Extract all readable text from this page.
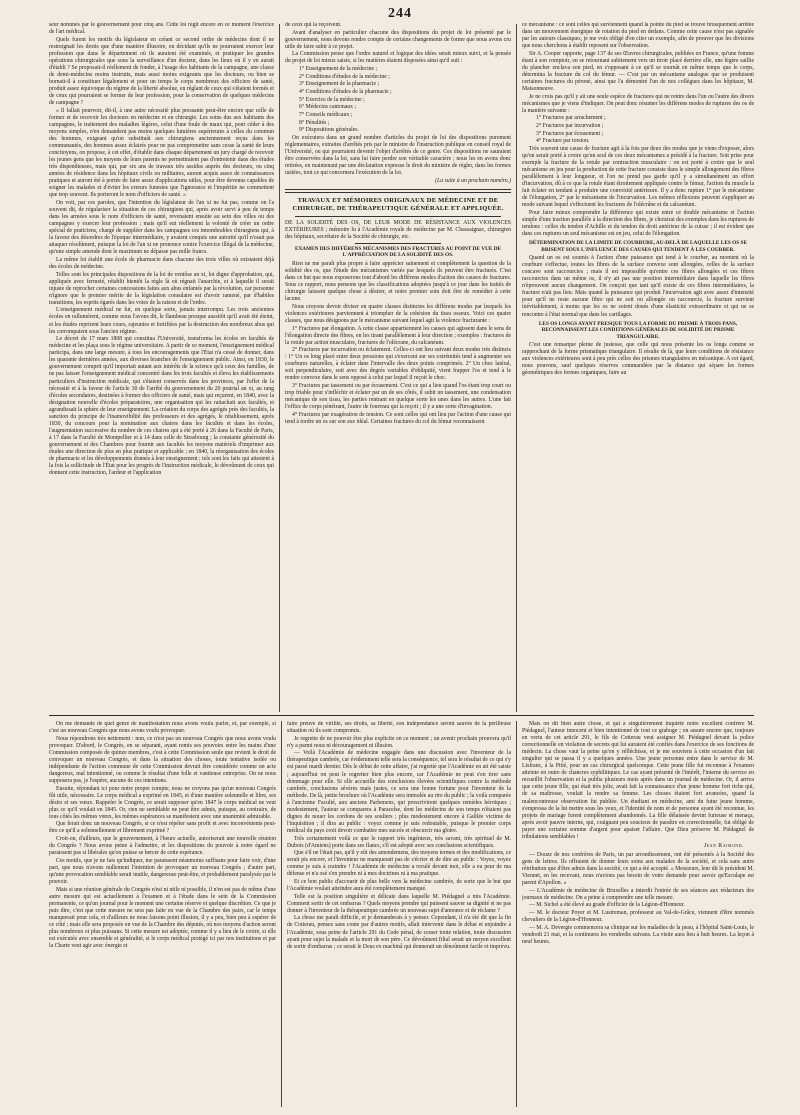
244

seur nommés par le gouvernement pour cinq ans. Cette loi régit encore en ce moment l'exercice de l'art médical.

Quels furent les motifs du législateur en créant ce second ordre de médecins dont il ne restreignait les droits que d'une manière illusoire, en décidant qu'ils ne pourraient exercer leur profession que dans le département où ils auraient été examinés, et pratiquer les grandes opérations chirurgicales que sous la surveillance d'un docteur, dans les lieux où il y en aurait d'établi ? Se proposait-il réellement de fonder, à l'usage des habitants de la campagne, une classe de demi-médecins moins instruits, mais aussi moins exigeants que les docteurs, ou bien se bornait-il à constituer légalement et pour un temps le corps nombreux des officiers de santé, produit assez équivoque du régime de la liberté absolue, en réglant de ceux qui s'étaient formés et de ceux qui pourraient se former de leur profession, pour la conservation de quelques médecins de campagne ?

« Il fallait pourvoir, dit-il, à une autre nécessité plus pressante peut-être encore que celle de former et de recevoir les docteurs en médecine et en chirurgie. Les soins dus aux habitants des campagnes, le traitement des maladies légères, celui d'une foule de maux qui, pour céder à des moyens simples, n'en demandent pas moins quelques lumières supérieures à celles du commun des hommes, exigeant qu'on substituât aux chirurgiens anciennement reçus dans les communautés, des hommes assez éclairés pour ne pas compromettre sans cesse la santé de leurs concitoyens, on propose, à cet effet, d'établir dans chaque département un jury chargé de recevoir les jeunes gens que les moyens de leurs parents ne permettraient pas d'entretenir dans des études très dispendieuses, mais qui, par six ans de travaux très assidus auprès des docteurs, ou cinq années de résidence dans les hôpitaux civils ou militaires, auront acquis assez de connaissances pratiques et auront été à portée de faire assez d'applications utiles, pour être devenus capables de soigner les malades et d'éviter les erreurs funestes que l'ignorance et l'impéritie ne commettent que trop souvent. Ils porteront le nom d'officiers de santé. »

On voit, par ces paroles, que l'intention du législateur de l'an xi ne fut pas, comme on l'a souvent dit, de régulariser la situation de ces chirurgiens qui, après avoir servi à peu de temps dans les armées sous le nom d'officiers de santé, revenaient ensuite au sein des villes ou des campagnes y exercer leur profession ; mais qu'il eut réellement la volonté de créer un ordre spécial de praticiens, chargé de suppléer dans les campagnes ces innombrables chirurgiens qui, à la faveur des désordres de l'époque intermédiaire, y avaient conquis une autorité qu'il n'osait pas attaquer résolûment, puisque la loi de l'an xi ne prononce contre l'exercice illégal de la médecine, qu'une simple amende dont le maximum ne dépasse pas mille francs.

La même loi établit une école de pharmacie dans chacune des trois villes où existaient déjà des écoles de médecine.

Telles sont les principales dispositions de la loi de ventôse an xi, loi digne d'approbation, qui, appliquée avec fermeté, rétablit bientôt la règle là où régnait l'anarchie, et à laquelle il serait injuste de reprocher certaines concessions faites aux abus enfantés par la révolution, car personne n'ignore que le premier mérite de la législation consulaire est d'avoir ramené, par d'habiles transitions, les esprits égarés dans les voies de la raison et de l'ordre.

L'enseignement médical ne fut, en quelque sorte, jamais interrompu. Les trois anciennes écoles en rallumèrent, comme nous l'avons dit, le flambeau presque aussitôt qu'il avait été éteint, et les études reprirent leurs cours, rajeunies et fortifiées par la destruction des nombreux abus qui les corrompaient sous l'ancien régime.

Le décret du 17 mars 1808 qui constitua l'Université, transforma les écoles en facultés de médecine et les plaça sous le régime universitaire. A partir de ce moment, l'enseignement médical participa, dans une large mesure, à tous les encouragements que l'État n'a cessé de donner, dans les quarante dernières années, aux diverses branches de l'enseignement public. Ainsi, en 1830, le gouvernement comprit qu'il importait autant aux intérêts de la science qu'à ceux des familles, de ne pas laisser l'enseignement médical concentré dans les trois facultés et éleva les établissements particuliers d'instruction médicale, qui s'étaient conservés dans les provinces, par l'effet de la nécessité et à la faveur de l'article 30 de l'arrêté du gouvernement du 20 prairial an xi, au rang d'écoles secondaires, destinées à former des officiers de santé, mais qui reçurent, en 1840, avec la désignation nouvelle d'écoles préparatoires, une organisation qui les rattachait aux facultés, et agrandissait la sphère de leur enseignement. La création du corps des agrégés près des facultés, la sanction du principe de l'inamovibilité des professeurs et des agrégés, le rétablissement, après 1830, du concours pour la nomination aux chaires dans les facultés et dans les écoles, l'augmentation successive du nombre de ces chaires qui a été porté à 26 dans la Faculté de Paris, à 17 dans la Faculté de Montpellier et à 14 dans celle de Strasbourg ; la constante générosité du gouvernement et des Chambres pour fournir aux facultés les moyens matériels d'imprimer aux études une direction de plus en plus pratique et applicable ; en 1840, la réorganisation des écoles de pharmacie et les développements donnés à leur enseignement ; tels sont les faits qui attestent à la fois la sollicitude de l'État pour les progrès de l'instruction médicale, le dévoûment de ceux qui donnent cette instruction, l'ardeur et l'application

de ceux qui la reçoivent.

Avant d'analyser en particulier chacune des dispositions du projet de loi présenté par le gouvernement, nous devons rendre compte de certains changements de forme que nous avons cru utile de faire subir à ce projet.

La Commission pense que l'ordre naturel et logique des idées serait mieux suivi, et la pensée du projet de loi mieux saisie, si les matières étaient disposées ainsi qu'il suit :

1° Enseignement de la médecine ;

2° Conditions d'études de la médecine ;

3° Enseignement de la pharmacie ;

4° Conditions d'études de la pharmacie ;

5° Exercice de la médecine ;

6° Médecins cantonaux ;

7° Conseils médicaux ;

8° Pénalités ;

9° Dispositions générales.

On exécutera dans un grand nombre d'articles du projet de loi des dispositions purement réglementaires, extraites d'arrêtés pris par le ministre de l'instruction publique en conseil royal de l'Université, ou qui pourraient devenir l'objet d'arrêtés de ce genre. Ces dispositions ne sauraient être conservées dans la loi, sans lui faire perdre son véritable caractère ; nous les en avons donc retirées, en maintenant par une déclaration expresse le droit du ministre de régler, dans les formes usitées, tout ce qui concernera l'exécution de la loi.

(La suite à un prochain numéro.)

TRAVAUX ET MÉMOIRES ORIGINAUX DE MÉDECINE ET DE CHIRURGIE, DE THÉRAPEUTIQUE GÉNÉRALE ET APPLIQUÉE.

DE LA SOLIDITÉ DES OS, DE LEUR MODE DE RÉSISTANCE AUX VIOLENCES EXTÉRIEURES ; mémoire lu à l'Académie royale de médecine par M. Chassaignac, chirurgien des hôpitaux, secrétaire de la Société de chirurgie, etc.

EXAMEN DES DIFFÉRENS MÉCANISMES DES FRACTURES AU POINT DE VUE DE L'APPRÉCIATION DE LA SOLIDITÉ DES OS.

Rien ne me paraît plus propre à faire apprécier sainement et complètement la question de la solidité des os, que l'étude des mécanismes variés par lesquels ils peuvent être fracturés. C'est dans ce but que nous exposerons tout d'abord les différens modes d'action des causes de fractures. Sous ce rapport, nous pensons que les classifications adoptées jusqu'à ce jour dans les traités de chirurgie laissent quelque chose à désirer, et notre premier soin doit être de remédier à cette lacune.

Nous croyons devoir diviser en quatre classes distinctes les différens modes par lesquels les violences extérieures parviennent à triompher de la cohésion du tissu osseux. Voici ces quatre classes, que nous désignons par le mécanisme suivant lequel agit la violence fracturante :

1° Fractures par élongation. A cette classe appartiennent les causes qui agissent dans le sens de l'élongation directe des fibres, en les tirant parallèlement à leur direction ; exemples : fractures de la rotule par action musculaire, fractures de l'olécrane, du calcanéum.

2° Fractures par incurvation ou éclatement. Celles-ci ont lieu suivant deux modes très distincts : 1° Un os long placé entre deux pressions qui s'exercent sur ses extrémités tend à augmenter ses courbures naturelles, à éclater dans l'intervalle des deux points comprimés. 2° Un choc latéral, soit perpendiculaire, soit avec des degrés variables d'obliquité, vient frapper l'os et tend à le rendre convexe dans le sens opposé à celui par lequel il reçoit le choc.

3° Fractures par tassement ou par écrasement. C'est ce qui a lieu quand l'os étant trop court ou trop friable pour s'infléchir et éclater par un de ses côtés, il subit un tassement, une condensation mécanique de son tissu, les parties rentrant en quelque sorte les unes dans les autres. L'une fait l'office de corps pénétrant, l'autre de fourreau qui la reçoit ; il y a une sorte d'invagination.

4° Fractures par exagération de tension. Ce sont celles qui ont lieu par l'action d'une cause qui tend à tordre un os sur son axe idéal. Certaines fractures du col du fémur reconnaissent

ce mécanisme : ce sont celles qui surviennent quand la pointe du pied se trouve brusquement arrêtée dans un mouvement énergique de rotation du pied en dedans. Comme cette cause n'est pas signalée par les auteurs classiques, je me vois obligé d'en citer un exemple, afin de prouver que les divisions que nous cherchons à établir reposent sur l'observation.

Sir A. Cooper rapporte, page 137 de ses Œuvres chirurgicales, publiées en France, qu'une femme étant à son comptoir, en se retournant subitement vers un tiroir placé derrière elle, une légère saillie du plancher enclava son pied, en s'opposant à ce qu'il se tournât en même temps que le corps, détermina la fracture du col du fémur. — C'est par un mécanisme analogue que se produisent certaines fractures du péroné, ainsi que l'a démontré l'un de nos collègues dans les hôpitaux, M. Maisonneuve.

Je ne crois pas qu'il y ait une seule espèce de fractures qui ne rentre dans l'un ou l'autre des divers mécanismes que je viens d'indiquer. On peut donc résumer les différens modes de ruptures des os de la manière suivante :

1° Fractures par arrachement ;

2° Fractures par incurvation ;

3° Fractures par écrasement ;

4° Fracture par torsion.

Très souvent une cause de fracture agit à la fois par deux des modes que je viens d'exposer, alors qu'on serait porté à croire qu'un seul de ces deux mécanismes a présidé à la fracture. Soit prise pour exemple la fracture de la rotule par contraction musculaire : on est porté à croire que le seul mécanisme en jeu pour la production de cette fracture consiste dans le simple allongement des fibres parallèlement à leur longueur, et l'on ne prend pas garde qu'il y a simultanément un effort d'incurvation, dû à ce que la rotule étant étroitement appliquée contre le fémur, l'action du muscle la fait éclater en tendant à produire une convexité antérieure. Il y a donc rupture 1° par le mécanisme de l'élongation, 2° par le mécanisme de l'incurvation. Les mêmes réflexions peuvent s'appliquer au mode suivant lequel s'effectuent les fractures de l'olécrâne et du calcanéum.

Pour faire mieux comprendre la différence qui existe entre ce double mécanisme et l'action simple d'une traction parallèle à la direction des fibres, je choisirai des exemples dans les ruptures de tendons : celles du tendon d'Achille et du tendon du droit antérieur de la cuisse ; il est évident que dans ces ruptures un seul mécanisme est en jeu, celui de l'élongation.

DÉTERMINATION DE LA LIMITE DE COURBURE, AU-DELÀ DE LAQUELLE LES OS SE BRISENT SOUS L'INFLUENCE DES CAUSES QUI TENDENT À LES COURBER.

Quand un os est soumis à l'action d'une puissance qui tend à le courber, au moment où la courbure s'effectue, toutes les fibres de la surface convexe sont allongées, celles de la surface concave sont raccourcies ; mais il est impossible qu'entre ces fibres allongées et ces fibres raccourcies dans un même os, il n'y ait pas une position intermédiaire dans laquelle les fibres n'éprouvent aucun changement. On conçoit que tant qu'il existe de ces fibres intermédiaires, la fracture n'ait pas lieu. Mais quand la puissance qui produit l'incurvation agit avec assez d'intensité pour qu'il ne reste aucune fibre qui ne soit ou allongée ou raccourcie, la fracture survient inévitablement, à moins que les os ne soient doués d'une élasticité extraordinaire et qui ne se rencontre à l'état normal que dans les cartilages.

LES OS LONGS AYANT PRESQUE TOUS LA FORME DU PRISME À TROIS PANS, RECONNAISSENT LES CONDITIONS GÉNÉRALES DE SOLIDITÉ DU PRISME TRIANGULAIRE.

C'est une remarque pleine de justesse, que celle qui nous présente les os longs comme se rapprochant de la forme prismatique triangulaire. Il résulte de là, que leurs conditions de résistance aux violences extérieures sont à peu près celles des prismes triangulaires en mécanique. A cet égard, nous pouvons, sauf quelques réserves commandées par la distance qui sépare les formes géométriques des formes organiques, faire au

On me demande de quel genre de manifestation nous avons voulu parler, et, par exemple, si c'est un nouveau Congrès que nous avons voulu provoquer.

Nous répondrons très nettement : non, ce n'est pas un nouveau Congrès que nous avons voulu provoquer. D'abord, le Congrès, en se séparant, ayant remis ses pouvoirs entre les mains d'une Commission composée de quinze membres, c'est à cette Commission seule que revient le droit de convoquer un nouveau Congrès, et dans la situation des choses, toute tentative isolée ou indépendante de l'action commune de cette Commission devrait être considérée comme un acte dangereux, mal intentionné, ou comme le résultat d'une folle et vaniteuse entreprise. On ne nous supposera pas, je l'espère, aucune de ces intentions.

Ensuite, répondant ici pour notre propre compte, nous ne croyons pas qu'un nouveau Congrès fût utile, nécessaire. Le corps médical a exprimé en 1845, et d'une manière solennelle et libre, ses désirs et ses vœux. Rappeler le Congrès, ce serait supposer qu'en 1847 le corps médical ne veut plus ce qu'il voulait en 1845. Or, rien ne semblable ne peut être admis, puisque, au contraire, de tous côtés les mêmes vœux, les mêmes espérances se manifestent avec une unanimité admirable.

Que ferait donc un nouveau Congrès, si ce n'est répéter sans profit et avec inconvénients peut-être ce qu'il a solennellement et librement exprimé ?

Croit-on, d'ailleurs, que le gouvernement, à l'heure actuelle, autoriserait une nouvelle réunion du Congrès ? Nous avons peine à l'admettre, et les dispositions du pouvoir à notre égard ne paraissent pas si libérales qu'on puisse se bercer de cette espérance.

Ces motifs, que je ne fais qu'indiquer, me paraissent néanmoins suffisans pour faire voir, d'une part, que nous n'avons nullement l'intention de provoquer un nouveau Congrès ; d'autre part, qu'une provocation semblable serait inutile, dangereuse peut-être, et probablement paralysée par le pouvoir.

Mais si une réunion générale du Congrès n'est ni utile ni possible, il n'en est pas de même d'une autre mesure qui est actuellement à l'examen et à l'étude dans le sein de la Commission permanente, ce qu'un journal pour le moment une certaine réserve et quelque discrétion. Ce que je puis dire, c'est que cette mesure ne sera pas faite en vue de la Chambre des pairs, car le temps manquerait pour cela, et d'ailleurs ne nous faisons point illusion, il y a peu, bien peu à espérer de ce côté ; mais elle sera proposée en vue de la Chambre des députés, où nos moyens d'action seront plus nombreux et plus puissans. Si cette mesure est adoptée, comme il y a lieu de le croire, si elle est exécutée avec ensemble et généralité, si le corps médical protégé ici par nos institutions et par la Charte veut agir avec énergie et

faire preuve de virilité, ses droits, sa liberté, son indépendance seront sauvés de la périlleuse situation où ils sont compromis.

Je regrette de ne pouvoir être plus explicite en ce moment ; un avenir prochain prouvera qu'il n'y a parmi nous ni découragement ni illusion.

— Voilà l'Académie de médecine engagée dans une discussion avec l'inventeur de la thérapeutique cambrée, car évidemment telle sera la conséquence, tel sera le résultat de ce qui s'y est passé mardi dernier. Dès le début de cette affaire, j'ai regretté que l'Académie en ait été saisie ; aujourd'hui on peut le regretter bien plus encore, car l'Académie ne peut s'en tirer sans dommage pour elle. Si elle accueille des conclusions élevées scientifiques contre la méthode cambrée, conclusions sévères mais justes, ce sera une bonne fortune pour l'inventeur de la méthode. De là, petite brochure où l'Académie sera immolée au rire du public ; la voilà comparée à l'ancienne Faculté, aux anciens Parlemens, qui proscrivirent quelques remèdes héroïques ; modestement, l'auteur se comparera à Paracelse, dont les médecins de son temps n'étaient pas dignes de nouer les cordons de ses souliers ; plus modestement encore à Galilée victime de l'inquisition ; il dira au public : voyez comme je suis redoutable, puisque le premier corps médical du pays croit devoir combattre mes succès et obscurcir ma gloire.

Très certainement voilà ce que le rapport très ingénieux, très savant, très spirituel de M. Dubois (d'Amiens) porte dans ses flancs, s'il est adopté avec ses conclusions scientifiques.

Que s'il ne l'était pas, qu'il y eût des amendemens, des moyens termes et des modifications, ce serait pis encore, et l'inventeur ne manquerait pas de s'écrier et de dire au public : Voyez, voyez comme je suis à craindre ! l'Académie de médecine a reculé devant moi, elle a eu peur de ma défense et n'a osé s'en prendre ni à mes doctrines ni à ma pratique.

Et ce bon public d'accourir de plus belle vers la médecine cambrée, de sorte que le but que l'Académie voulait atteindre aura été complètement manqué.

Telle est la position singulière et délicate dans laquelle M. Piédagnel a mis l'Académie. Comment sortir de cet embarras ? Quels moyens prendre qui puissent sauver sa dignité et ne pas donner à l'inventeur de la thérapeutique cambrée un nouveau sujet d'annonce et de réclame ?

La chose me paraît difficile, et je demanderais à y penser. Cependant, il n'a été dit que la fin de Cotterau, pensez sans conte par d'autres motifs, allait intervenir dans le débat et enjoindre à l'Académie, sous peine de l'article 291 du Code pénal, de cesser toute relation, toute discussion ayant pour sujet la malade et la mort de son père. Ce dévoûment filial serait un moyen excellent de sortir d'embarras ; ce serait le Deus ex machinâ qui donnerait un dénoûment facile et imprévu.

Mais on dit bien autre chose, et qui a singulièrement inquiété notre excellent confrère M. Piédagnel, l'auteur innocent et bien intentionné de tout ce grabuge ; on assure encore que, toujours en vertu de cet article 291, le fils de Cotterau veut assigner M. Piédagnel devant la police correctionnelle en violation de secrets qui lui auraient été confiés dans l'exercice de ses fonctions de médecin. La chose vaut la peine qu'on y réfléchisse, et je me souviens à cette occasion d'un fait singulier qui se passa il y a quelques années. Une jeune personne entre dans le service de M. Lisfranc, à la Pitié, pour un cas chirurgical quelconque. Cette jeune fille fut reconnue à l'examen atteinte en outre de chancres syphilitiques. Le cas ayant présenté de l'intérêt, l'interne du service en recueillit l'observation et la publia plusieurs mois après dans un journal de médecine. Or, il arriva que cette jeune fille, qui était très jolie, avait fait la connaissance d'un jeune homme fort riche qui, de sa maîtresse, voulait la rendre sa femme. Les choses étaient fort avancées, quand la malencontreuse observation fut publiée. Un étudiant en médecine, ami du futur jeune homme, s'empressa de la lui mettre sous les yeux, et l'identité de nom et de personne ayant été reconnue, les projets de mariage furent complètement abandonnés. La fille délaissée devint furieuse et menaça, après avoir pauvre interne, qui, craignant peu soucieux de paraître en correctionnelle, fut obligé de payer une certaine somme d'argent pour apaiser l'affaire. Que Dieu préserve M. Piédagnel de tribulations semblables !

Jean Raimond.

— Douze de nos confrères de Paris, un par arrondissement, ont été présentés à la Société des gens de lettres. Ils offraient de donner leurs soins aux malades de la société, et cela sans autre rétribution que d'être admis dans la société, ce qui a été accepté. « Messieurs, leur dit le président M. Viennet, en les recevant, nous n'avions pas besoin de votre demande pour savoir qu'Esculape est parent d'Apollon. »

— L'Académie de médecine de Bruxelles a interdit l'entrée de ses séances aux rédacteurs des journaux de médecine. On a peine à comprendre une telle mesure.

— M. Sichel a été élevé au grade d'officier de la Légion-d'Honneur.

— M. le docteur Poyer et M. Lustreman, professeur au Val-de-Grâce, viennent d'être nommés chevaliers de la Légion-d'Honneur.

— M. A. Devergie commencera sa clinique sur les maladies de la peau, à l'hôpital Saint-Louis, le vendredi 21 mai, et la continuera les vendredis suivans. La visite aura lieu à huit heures. La leçon à neuf heures.
